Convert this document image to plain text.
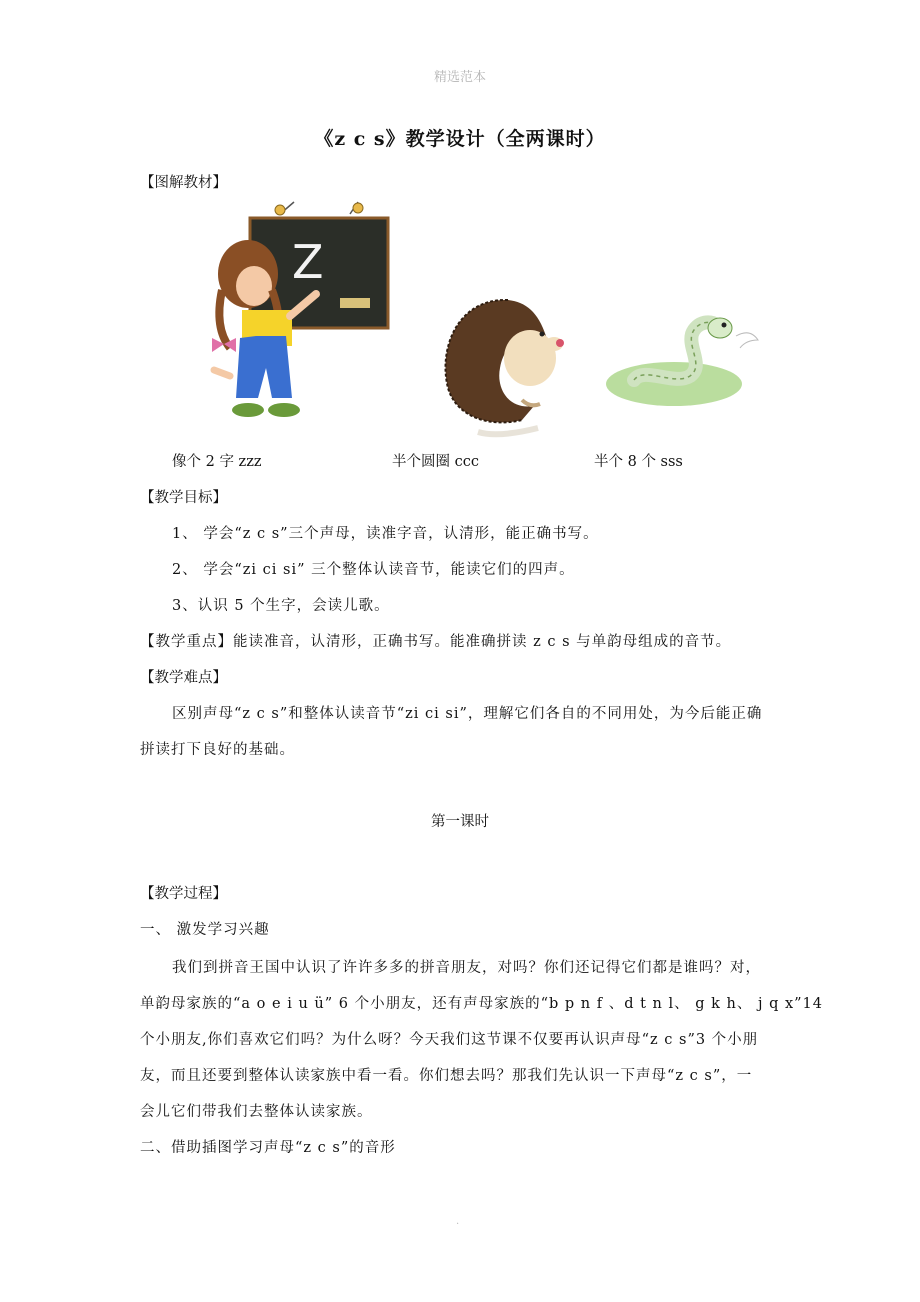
精选范本
《z c s》教学设计（全两课时）
【图解教材】
Z
像个 2 字 zzz	半个圆圈 ccc	半个 8 个 sss
【教学目标】
1、 学会“z c s”三个声母，读准字音，认清形，能正确书写。
2、 学会“zi ci si” 三个整体认读音节，能读它们的四声。
3、认识 5 个生字，会读儿歌。
【教学重点】能读准音，认清形，正确书写。能准确拼读 z c s 与单韵母组成的音节。
【教学难点】
区别声母“z c s”和整体认读音节“zi ci si”，理解它们各自的不同用处，为今后能正确
拼读打下良好的基础。
第一课时
【教学过程】
一、 激发学习兴趣
我们到拼音王国中认识了许许多多的拼音朋友，对吗？你们还记得它们都是谁吗？对，
单韵母家族的“a o e i u ü” 6 个小朋友，还有声母家族的“b p n f 、d t n l、 g k h、 j q x”14
个小朋友,你们喜欢它们吗？为什么呀？今天我们这节课不仅要再认识声母“z c s”3 个小朋
友，而且还要到整体认读家族中看一看。你们想去吗？那我们先认识一下声母“z c s”，一
会儿它们带我们去整体认读家族。
二、借助插图学习声母“z c s”的音形
.
